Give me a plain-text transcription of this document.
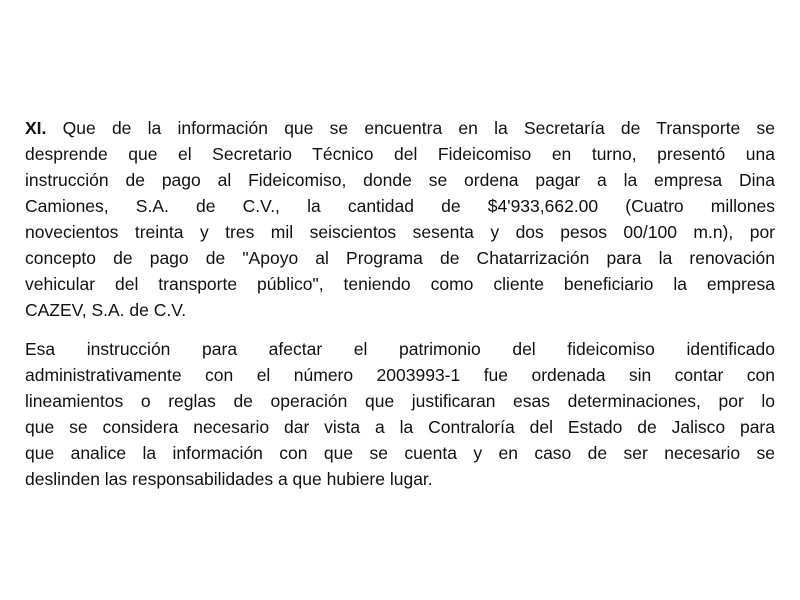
XI. Que de la información que se encuentra en la Secretaría de Transporte se
desprende que el Secretario Técnico del Fideicomiso en turno, presentó una
instrucción de pago al Fideicomiso, donde se ordena pagar a la empresa Dina
Camiones, S.A. de C.V., la cantidad de $4'933,662.00 (Cuatro millones
novecientos treinta y tres mil seiscientos sesenta y dos pesos 00/100 m.n), por
concepto de pago de "Apoyo al Programa de Chatarrización para la renovación
vehicular del transporte público", teniendo como cliente beneficiario la empresa
CAZEV, S.A. de C.V.
Esa instrucción para afectar el patrimonio del fideicomiso identificado
administrativamente con el número 2003993-1 fue ordenada sin contar con
lineamientos o reglas de operación que justificaran esas determinaciones, por lo
que se considera necesario dar vista a la Contraloría del Estado de Jalisco para
que analice la información con que se cuenta y en caso de ser necesario se
deslinden las responsabilidades a que hubiere lugar.
